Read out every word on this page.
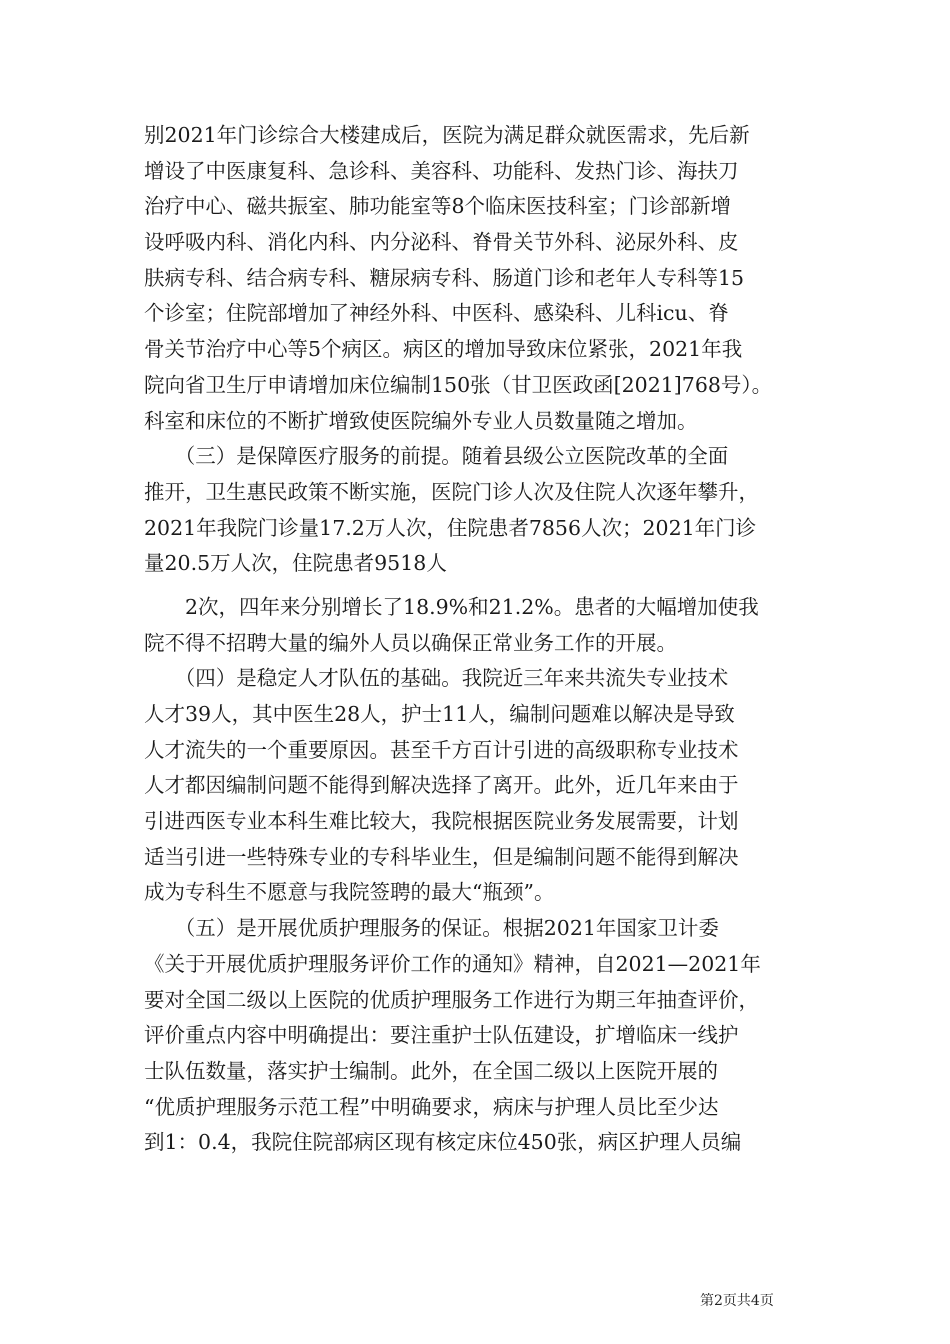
别2021年门诊综合大楼建成后，医院为满足群众就医需求，先后新
增设了中医康复科、急诊科、美容科、功能科、发热门诊、海扶刀
治疗中心、磁共振室、肺功能室等8个临床医技科室；门诊部新增
设呼吸内科、消化内科、内分泌科、脊骨关节外科、泌尿外科、皮
肤病专科、结合病专科、糖尿病专科、肠道门诊和老年人专科等15
个诊室；住院部增加了神经外科、中医科、感染科、儿科icu、脊
骨关节治疗中心等5个病区。病区的增加导致床位紧张，2021年我
院向省卫生厅申请增加床位编制150张（甘卫医政函[2021]768号）。
科室和床位的不断扩增致使医院编外专业人员数量随之增加。
　　（三）是保障医疗服务的前提。随着县级公立医院改革的全面
推开，卫生惠民政策不断实施，医院门诊人次及住院人次逐年攀升，
2021年我院门诊量17.2万人次，住院患者7856人次；2021年门诊
量20.5万人次，住院患者9518人
　　2次，四年来分别增长了18.9%和21.2%。患者的大幅增加使我
院不得不招聘大量的编外人员以确保正常业务工作的开展。
　　（四）是稳定人才队伍的基础。我院近三年来共流失专业技术
人才39人，其中医生28人，护士11人，编制问题难以解决是导致
人才流失的一个重要原因。甚至千方百计引进的高级职称专业技术
人才都因编制问题不能得到解决选择了离开。此外，近几年来由于
引进西医专业本科生难比较大，我院根据医院业务发展需要，计划
适当引进一些特殊专业的专科毕业生，但是编制问题不能得到解决
成为专科生不愿意与我院签聘的最大“瓶颈”。
　　（五）是开展优质护理服务的保证。根据2021年国家卫计委
《关于开展优质护理服务评价工作的通知》精神，自2021—2021年
要对全国二级以上医院的优质护理服务工作进行为期三年抽查评价，
评价重点内容中明确提出：要注重护士队伍建设，扩增临床一线护
士队伍数量，落实护士编制。此外，在全国二级以上医院开展的
“优质护理服务示范工程”中明确要求，病床与护理人员比至少达
到1：0.4，我院住院部病区现有核定床位450张，病区护理人员编
第2页共4页
